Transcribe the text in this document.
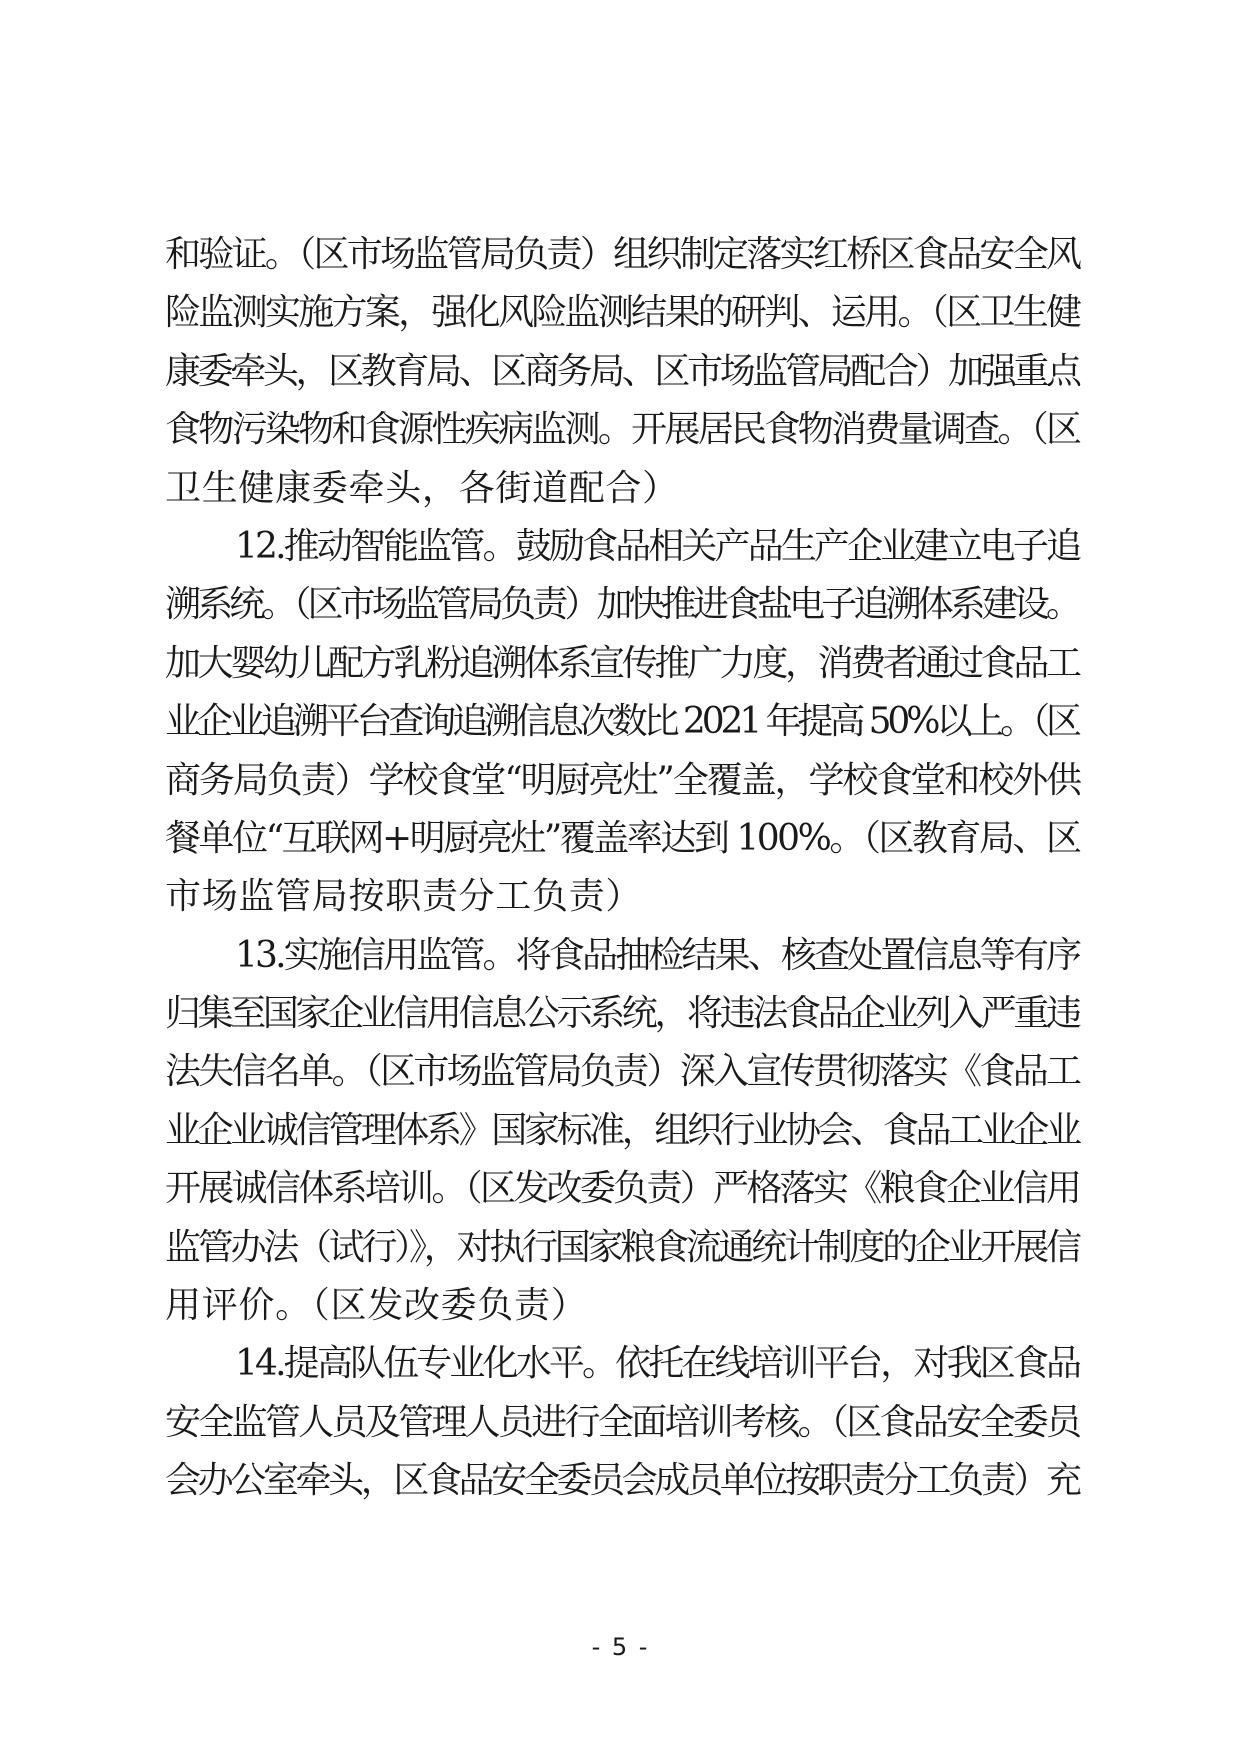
和验证。（区市场监管局负责）组织制定落实红桥区食品安全风
险监测实施方案，强化风险监测结果的研判、运用。（区卫生健
康委牵头，区教育局、区商务局、区市场监管局配合）加强重点
食物污染物和食源性疾病监测。开展居民食物消费量调查。（区
卫生健康委牵头，各街道配合）
12.推动智能监管。鼓励食品相关产品生产企业建立电子追
溯系统。（区市场监管局负责）加快推进食盐电子追溯体系建设。
加大婴幼儿配方乳粉追溯体系宣传推广力度，消费者通过食品工
业企业追溯平台查询追溯信息次数比 2021 年提高 50%以上。（区
商务局负责）学校食堂“明厨亮灶”全覆盖，学校食堂和校外供
餐单位“互联网+明厨亮灶”覆盖率达到 100%。（区教育局、区
市场监管局按职责分工负责）
13.实施信用监管。将食品抽检结果、核查处置信息等有序
归集至国家企业信用信息公示系统，将违法食品企业列入严重违
法失信名单。（区市场监管局负责）深入宣传贯彻落实《食品工
业企业诚信管理体系》国家标准，组织行业协会、食品工业企业
开展诚信体系培训。（区发改委负责）严格落实《粮食企业信用
监管办法（试行）》，对执行国家粮食流通统计制度的企业开展信
用评价。（区发改委负责）
14.提高队伍专业化水平。依托在线培训平台，对我区食品
安全监管人员及管理人员进行全面培训考核。（区食品安全委员
会办公室牵头，区食品安全委员会成员单位按职责分工负责）充
- 5 -
